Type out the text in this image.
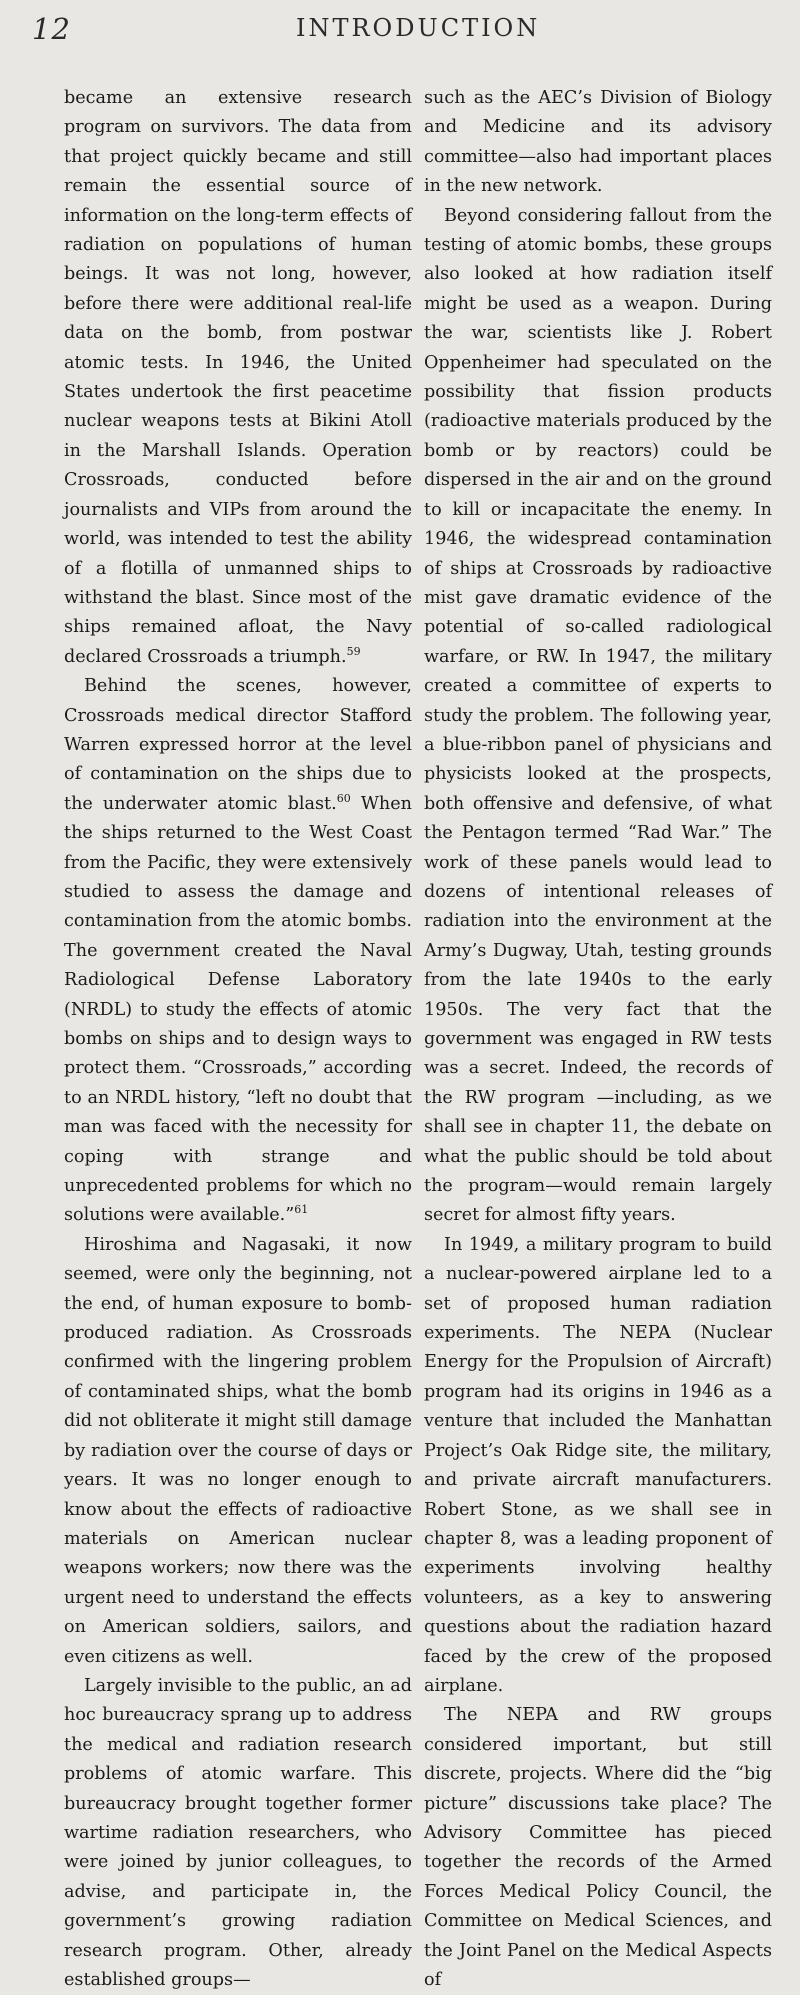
12	INTRODUCTION

became an extensive research program on survivors. The data from that project quickly became and still remain the essential source of information on the long-term effects of radiation on populations of human beings. It was not long, however, before there were additional real-life data on the bomb, from postwar atomic tests. In 1946, the United States undertook the first peacetime nuclear weapons tests at Bikini Atoll in the Marshall Islands. Operation Crossroads, conducted before journalists and VIPs from around the world, was intended to test the ability of a flotilla of unmanned ships to withstand the blast. Since most of the ships remained afloat, the Navy declared Crossroads a triumph.$^{59}$

Behind the scenes, however, Crossroads medical director Stafford Warren expressed horror at the level of contamination on the ships due to the underwater atomic blast.$^{60}$ When the ships returned to the West Coast from the Pacific, they were extensively studied to assess the damage and contamination from the atomic bombs. The government created the Naval Radiological Defense Laboratory (NRDL) to study the effects of atomic bombs on ships and to design ways to protect them. “Crossroads,” according to an NRDL history, “left no doubt that man was faced with the necessity for coping with strange and unprecedented problems for which no solutions were available.”$^{61}$

Hiroshima and Nagasaki, it now seemed, were only the beginning, not the end, of human exposure to bomb-produced radiation. As Crossroads confirmed with the lingering problem of contaminated ships, what the bomb did not obliterate it might still damage by radiation over the course of days or years. It was no longer enough to know about the effects of radioactive materials on American nuclear weapons workers; now there was the urgent need to understand the effects on American soldiers, sailors, and even citizens as well.

Largely invisible to the public, an ad hoc bureaucracy sprang up to address the medical and radiation research problems of atomic warfare. This bureaucracy brought together former wartime radiation researchers, who were joined by junior colleagues, to advise, and participate in, the government’s growing radiation research program. Other, already established groups—

such as the AEC’s Division of Biology and Medicine and its advisory committee—also had important places in the new network.

Beyond considering fallout from the testing of atomic bombs, these groups also looked at how radiation itself might be used as a weapon. During the war, scientists like J. Robert Oppenheimer had speculated on the possibility that fission products (radioactive materials produced by the bomb or by reactors) could be dispersed in the air and on the ground to kill or incapacitate the enemy. In 1946, the widespread contamination of ships at Crossroads by radioactive mist gave dramatic evidence of the potential of so-called radiological warfare, or RW. In 1947, the military created a committee of experts to study the problem. The following year, a blue-ribbon panel of physicians and physicists looked at the prospects, both offensive and defensive, of what the Pentagon termed “Rad War.” The work of these panels would lead to dozens of intentional releases of radiation into the environment at the Army’s Dugway, Utah, testing grounds from the late 1940s to the early 1950s. The very fact that the government was engaged in RW tests was a secret. Indeed, the records of the RW program —including, as we shall see in chapter 11, the debate on what the public should be told about the program—would remain largely secret for almost fifty years.

In 1949, a military program to build a nuclear-powered airplane led to a set of proposed human radiation experiments. The NEPA (Nuclear Energy for the Propulsion of Aircraft) program had its origins in 1946 as a venture that included the Manhattan Project’s Oak Ridge site, the military, and private aircraft manufacturers. Robert Stone, as we shall see in chapter 8, was a leading proponent of experiments involving healthy volunteers, as a key to answering questions about the radiation hazard faced by the crew of the proposed airplane.

The NEPA and RW groups considered important, but still discrete, projects. Where did the “big picture” discussions take place? The Advisory Committee has pieced together the records of the Armed Forces Medical Policy Council, the Committee on Medical Sciences, and the Joint Panel on the Medical Aspects of
